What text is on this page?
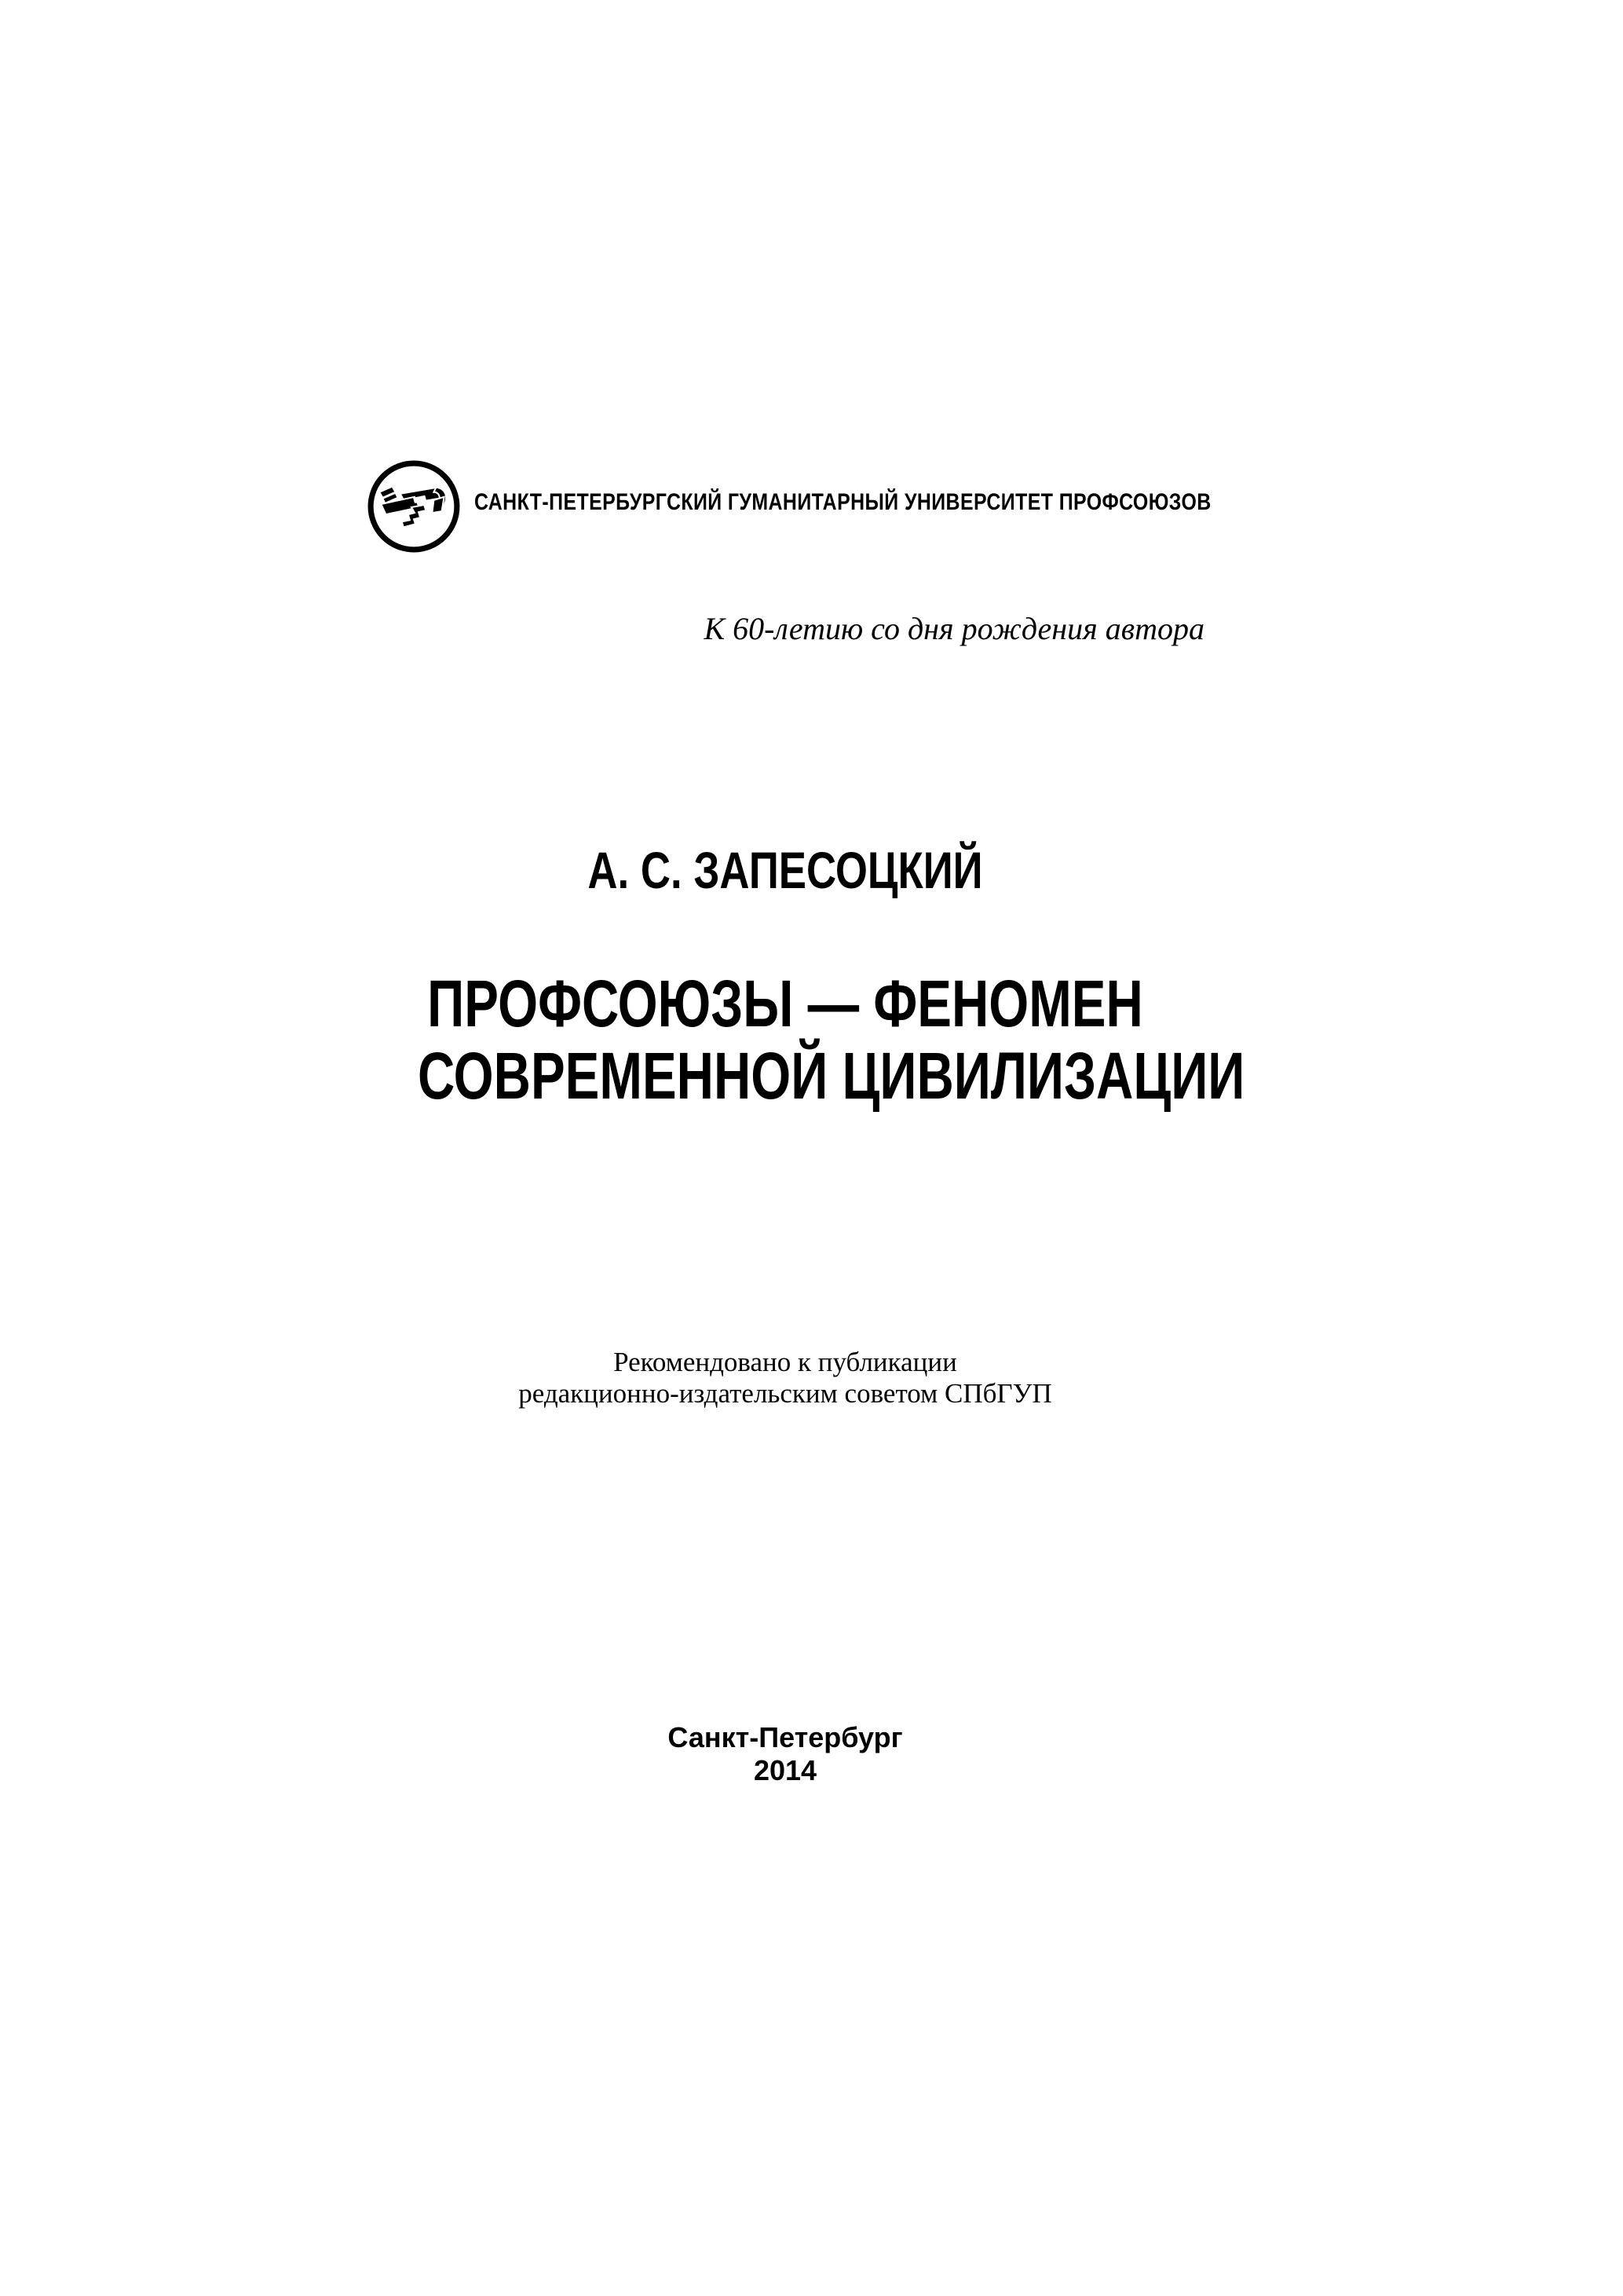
САНКТ-ПЕТЕРБУРГСКИЙ ГУМАНИТАРНЫЙ УНИВЕРСИТЕТ ПРОФСОЮЗОВ
К 60-летию со дня рождения автора
А. С. ЗАПЕСОЦКИЙ
ПРОФСОЮЗЫ — ФЕНОМЕН
СОВРЕМЕННОЙ ЦИВИЛИЗАЦИИ
Рекомендовано к публикации
редакционно-издательским советом СПбГУП
Санкт-Петербург
2014
